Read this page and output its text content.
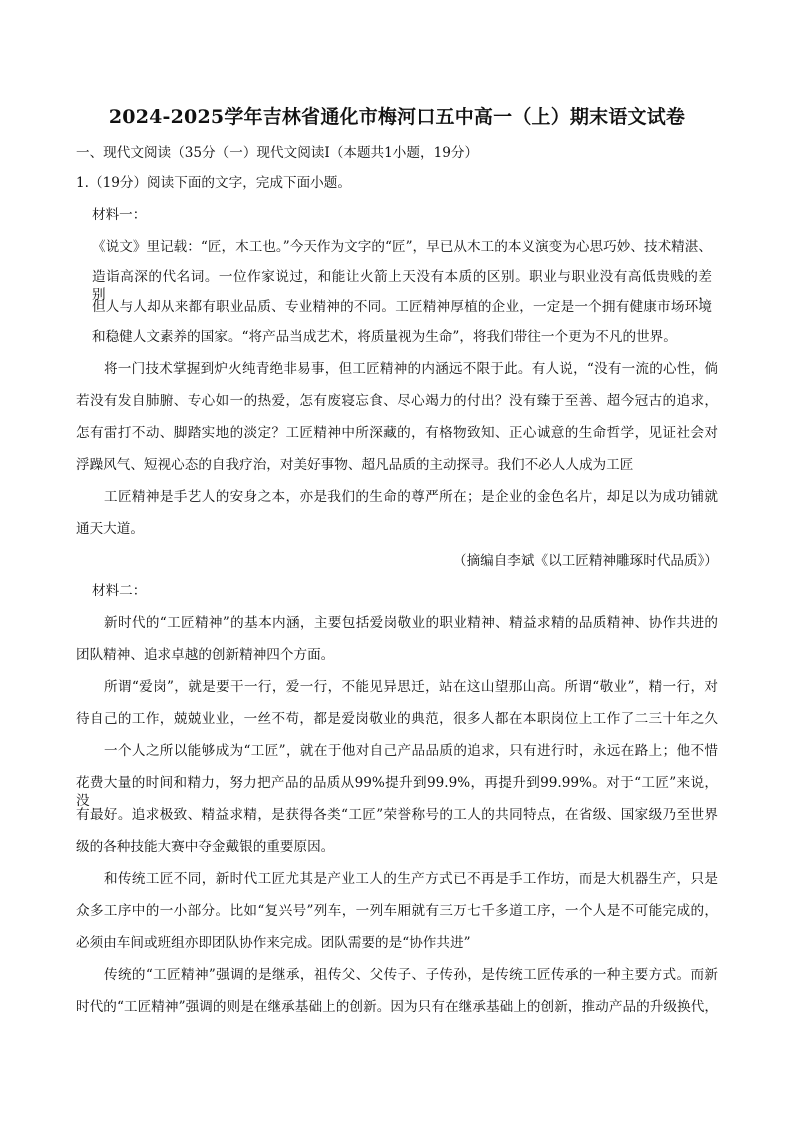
2024-2025学年吉林省通化市梅河口五中高一（上）期末语文试卷
一、现代文阅读（35分（一）现代文阅读Ⅰ（本题共1小题，19分）
1.（19分）阅读下面的文字，完成下面小题。
材料一：
《说文》里记载：“匠，木工也。”今天作为文字的“匠”，早已从木工的本义演变为心思巧妙、技术精湛、
造诣高深的代名词。一位作家说过，和能让火箭上天没有本质的区别。职业与职业没有高低贵贱的差别，
但人与人却从来都有职业品质、专业精神的不同。工匠精神厚植的企业，一定是一个拥有健康市场环境
和稳健人文素养的国家。“将产品当成艺术，将质量视为生命”，将我们带往一个更为不凡的世界。
将一门技术掌握到炉火纯青绝非易事，但工匠精神的内涵远不限于此。有人说，“没有一流的心性，倘
若没有发自肺腑、专心如一的热爱，怎有废寝忘食、尽心竭力的付出？没有臻于至善、超今冠古的追求，
怎有雷打不动、脚踏实地的淡定？工匠精神中所深藏的，有格物致知、正心诚意的生命哲学，见证社会对
浮躁风气、短视心态的自我疗治，对美好事物、超凡品质的主动探寻。我们不必人人成为工匠
工匠精神是手艺人的安身之本，亦是我们的生命的尊严所在；是企业的金色名片，却足以为成功铺就
通天大道。
（摘编自李斌《以工匠精神雕琢时代品质》）
材料二：
新时代的“工匠精神”的基本内涵，主要包括爱岗敬业的职业精神、精益求精的品质精神、协作共进的
团队精神、追求卓越的创新精神四个方面。
所谓“爱岗”，就是要干一行，爱一行，不能见异思迁，站在这山望那山高。所谓“敬业”，精一行，对
待自己的工作，兢兢业业，一丝不苟，都是爱岗敬业的典范，很多人都在本职岗位上工作了二三十年之久
一个人之所以能够成为“工匠”，就在于他对自己产品品质的追求，只有进行时，永远在路上；他不惜
花费大量的时间和精力，努力把产品的品质从99%提升到99.9%，再提升到99.99%。对于“工匠”来说，没
有最好。追求极致、精益求精，是获得各类“工匠”荣誉称号的工人的共同特点，在省级、国家级乃至世界
级的各种技能大赛中夺金戴银的重要原因。
和传统工匠不同，新时代工匠尤其是产业工人的生产方式已不再是手工作坊，而是大机器生产，只是
众多工序中的一小部分。比如“复兴号”列车，一列车厢就有三万七千多道工序，一个人是不可能完成的，
必须由车间或班组亦即团队协作来完成。团队需要的是“协作共进”
传统的“工匠精神”强调的是继承，祖传父、父传子、子传孙，是传统工匠传承的一种主要方式。而新
时代的“工匠精神”强调的则是在继承基础上的创新。因为只有在继承基础上的创新，推动产品的升级换代，
